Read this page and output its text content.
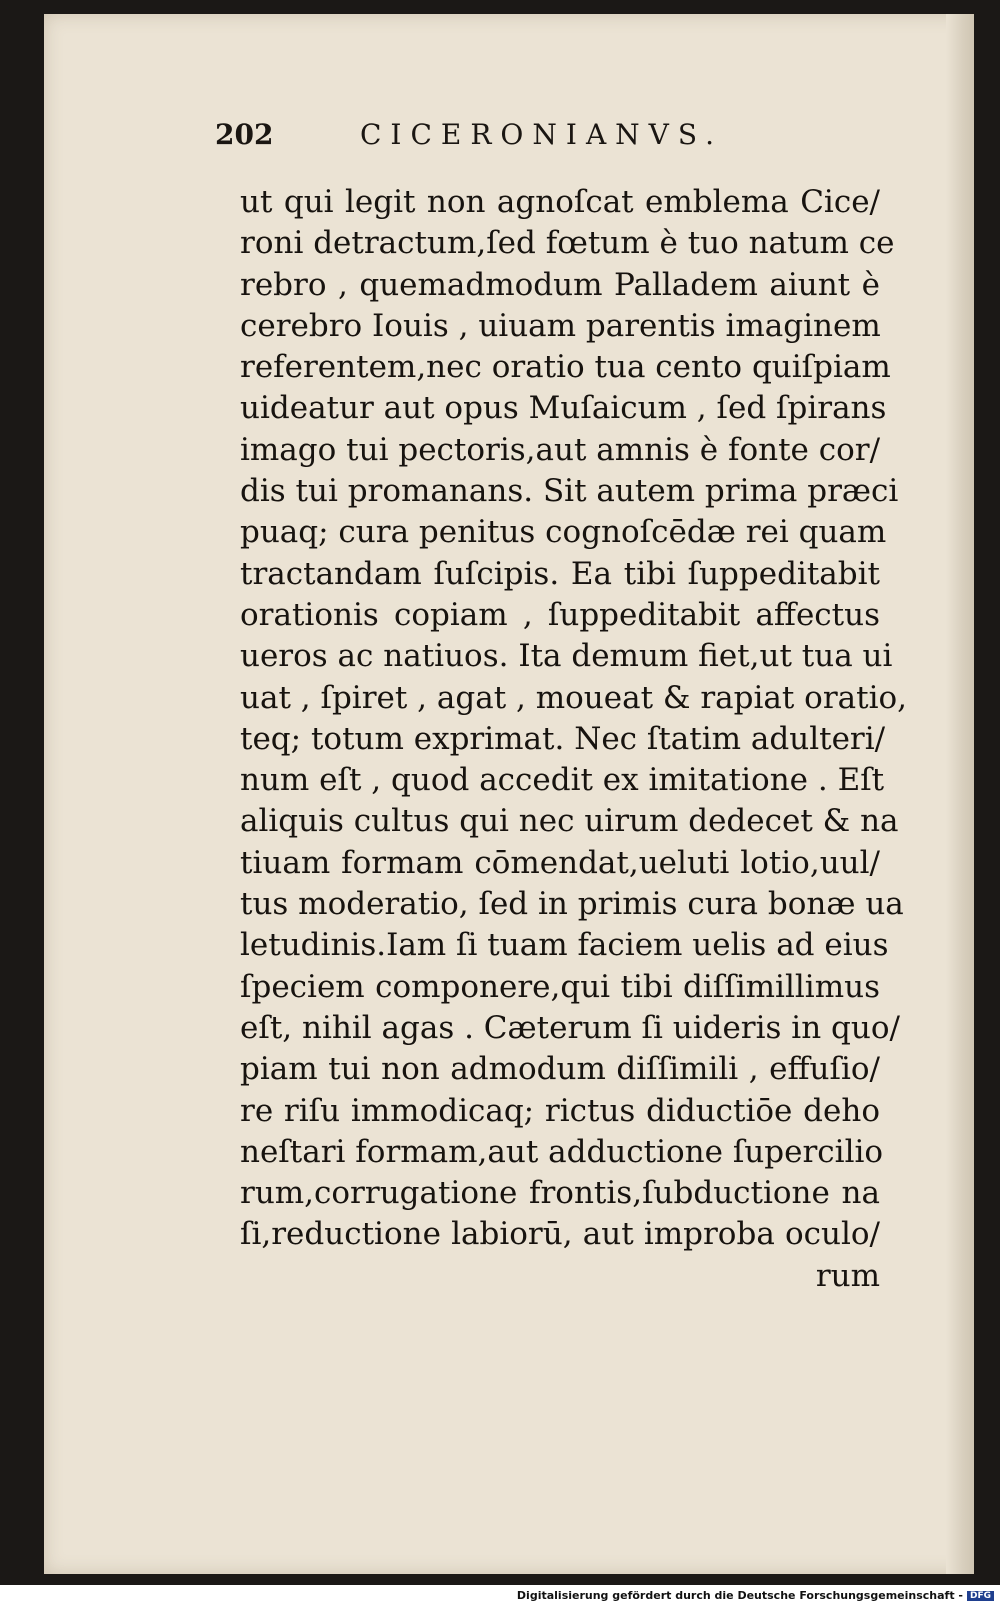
202	CICERONIANVS.
ut qui legit non agnoſcat emblema Cice/
roni detractum,ſed fœtum è tuo natum ce
rebro , quemadmodum Palladem aiunt è
cerebro Iouis , uiuam parentis imaginem
referentem,nec oratio tua cento quiſpiam
uideatur aut opus Muſaicum , ſed ſpirans
imago tui pectoris,aut amnis è fonte cor/
dis tui promanans. Sit autem prima præci
puaq; cura penitus cognoſcēdæ rei quam
tractandam ſuſcipis. Ea tibi ſuppeditabit
orationis copiam , ſuppeditabit affectus
ueros ac natiuos. Ita demum fiet,ut tua ui
uat , ſpiret , agat , moueat & rapiat oratio,
teq; totum exprimat. Nec ſtatim adulteri/
num eſt , quod accedit ex imitatione . Eſt
aliquis cultus qui nec uirum dedecet & na
tiuam formam cōmendat,ueluti lotio,uul/
tus moderatio, ſed in primis cura bonæ ua
letudinis.Iam ſi tuam faciem uelis ad eius
ſpeciem componere,qui tibi diſſimillimus
eſt, nihil agas . Cæterum ſi uideris in quo/
piam tui non admodum diſſimili , effuſio/
re riſu immodicaq; rictus diductiōe deho
neſtari formam,aut adductione ſupercilio
rum,corrugatione frontis,ſubductione na
ſi,reductione labiorū, aut improba oculo/
rum
Digitalisierung gefördert durch die Deutsche Forschungsgemeinschaft - DFG
